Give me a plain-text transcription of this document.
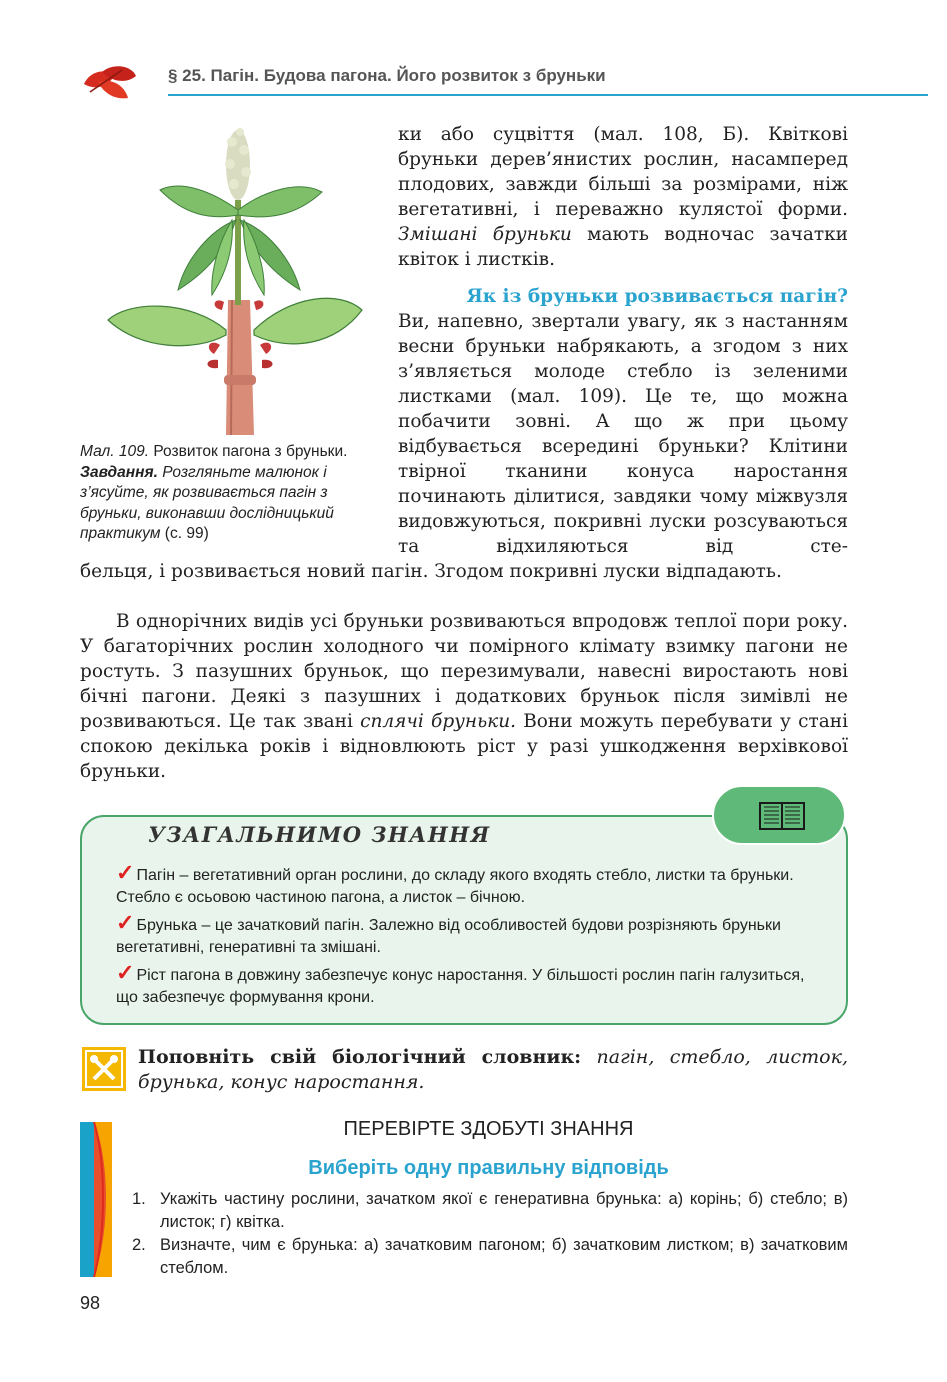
§ 25. Пагін. Будова пагона. Його розвиток з бруньки
Мал. 109. Розвиток пагона з бруньки. Завдання. Розгляньте малюнок і з’ясуйте, як розвивається пагін з бруньки, виконавши дослідницький практикум (с. 99)
ки або суцвіття (мал. 108, Б). Квіткові бруньки дерев’янистих рослин, насамперед плодових, завжди більші за розмірами, ніж вегетативні, і переважно кулястої форми. Змішані бруньки мають водночас зачатки квіток і листків.
Як із бруньки розвивається пагін?
Ви, напевно, звертали увагу, як з настанням весни бруньки набрякають, а згодом з них з’являється молоде стебло із зеленими листками (мал. 109). Це те, що можна побачити зовні. А що ж при цьому відбувається всередині бруньки? Клітини твірної тканини конуса наростання починають ділитися, завдяки чому міжвузля видовжуються, покривні луски розсуваються та відхиляються від сте-
бельця, і розвивається новий пагін. Згодом покривні луски відпадають.
В однорічних видів усі бруньки розвиваються впродовж теплої пори року. У багаторічних рослин холодного чи помірного клімату взимку пагони не ростуть. З пазушних бруньок, що перезимували, навесні виростають нові бічні пагони. Деякі з пазушних і додаткових бруньок після зимівлі не розвиваються. Це так звані сплячі бруньки. Вони можуть перебувати у стані спокою декілька років і відновлюють ріст у разі ушкодження верхівкової бруньки.
УЗАГАЛЬНИМО ЗНАННЯ
✓ Пагін – вегетативний орган рослини, до складу якого входять стебло, листки та бруньки. Стебло є осьовою частиною пагона, а листок – бічною.
✓ Брунька – це зачатковий пагін. Залежно від особливостей будови розрізняють бруньки вегетативні, генеративні та змішані.
✓ Ріст пагона в довжину забезпечує конус наростання. У більшості рослин пагін галузиться, що забезпечує формування крони.
Поповніть свій біологічний словник: пагін, стебло, листок, брунька, конус наростання.
ПЕРЕВІРТЕ ЗДОБУТІ ЗНАННЯ
Виберіть одну правильну відповідь
1. Укажіть частину рослини, зачатком якої є генеративна брунька: а) корінь; б) стебло; в) листок; г) квітка.
2. Визначте, чим є брунька: а) зачатковим пагоном; б) зачатковим листком; в) зачатковим стеблом.
98
